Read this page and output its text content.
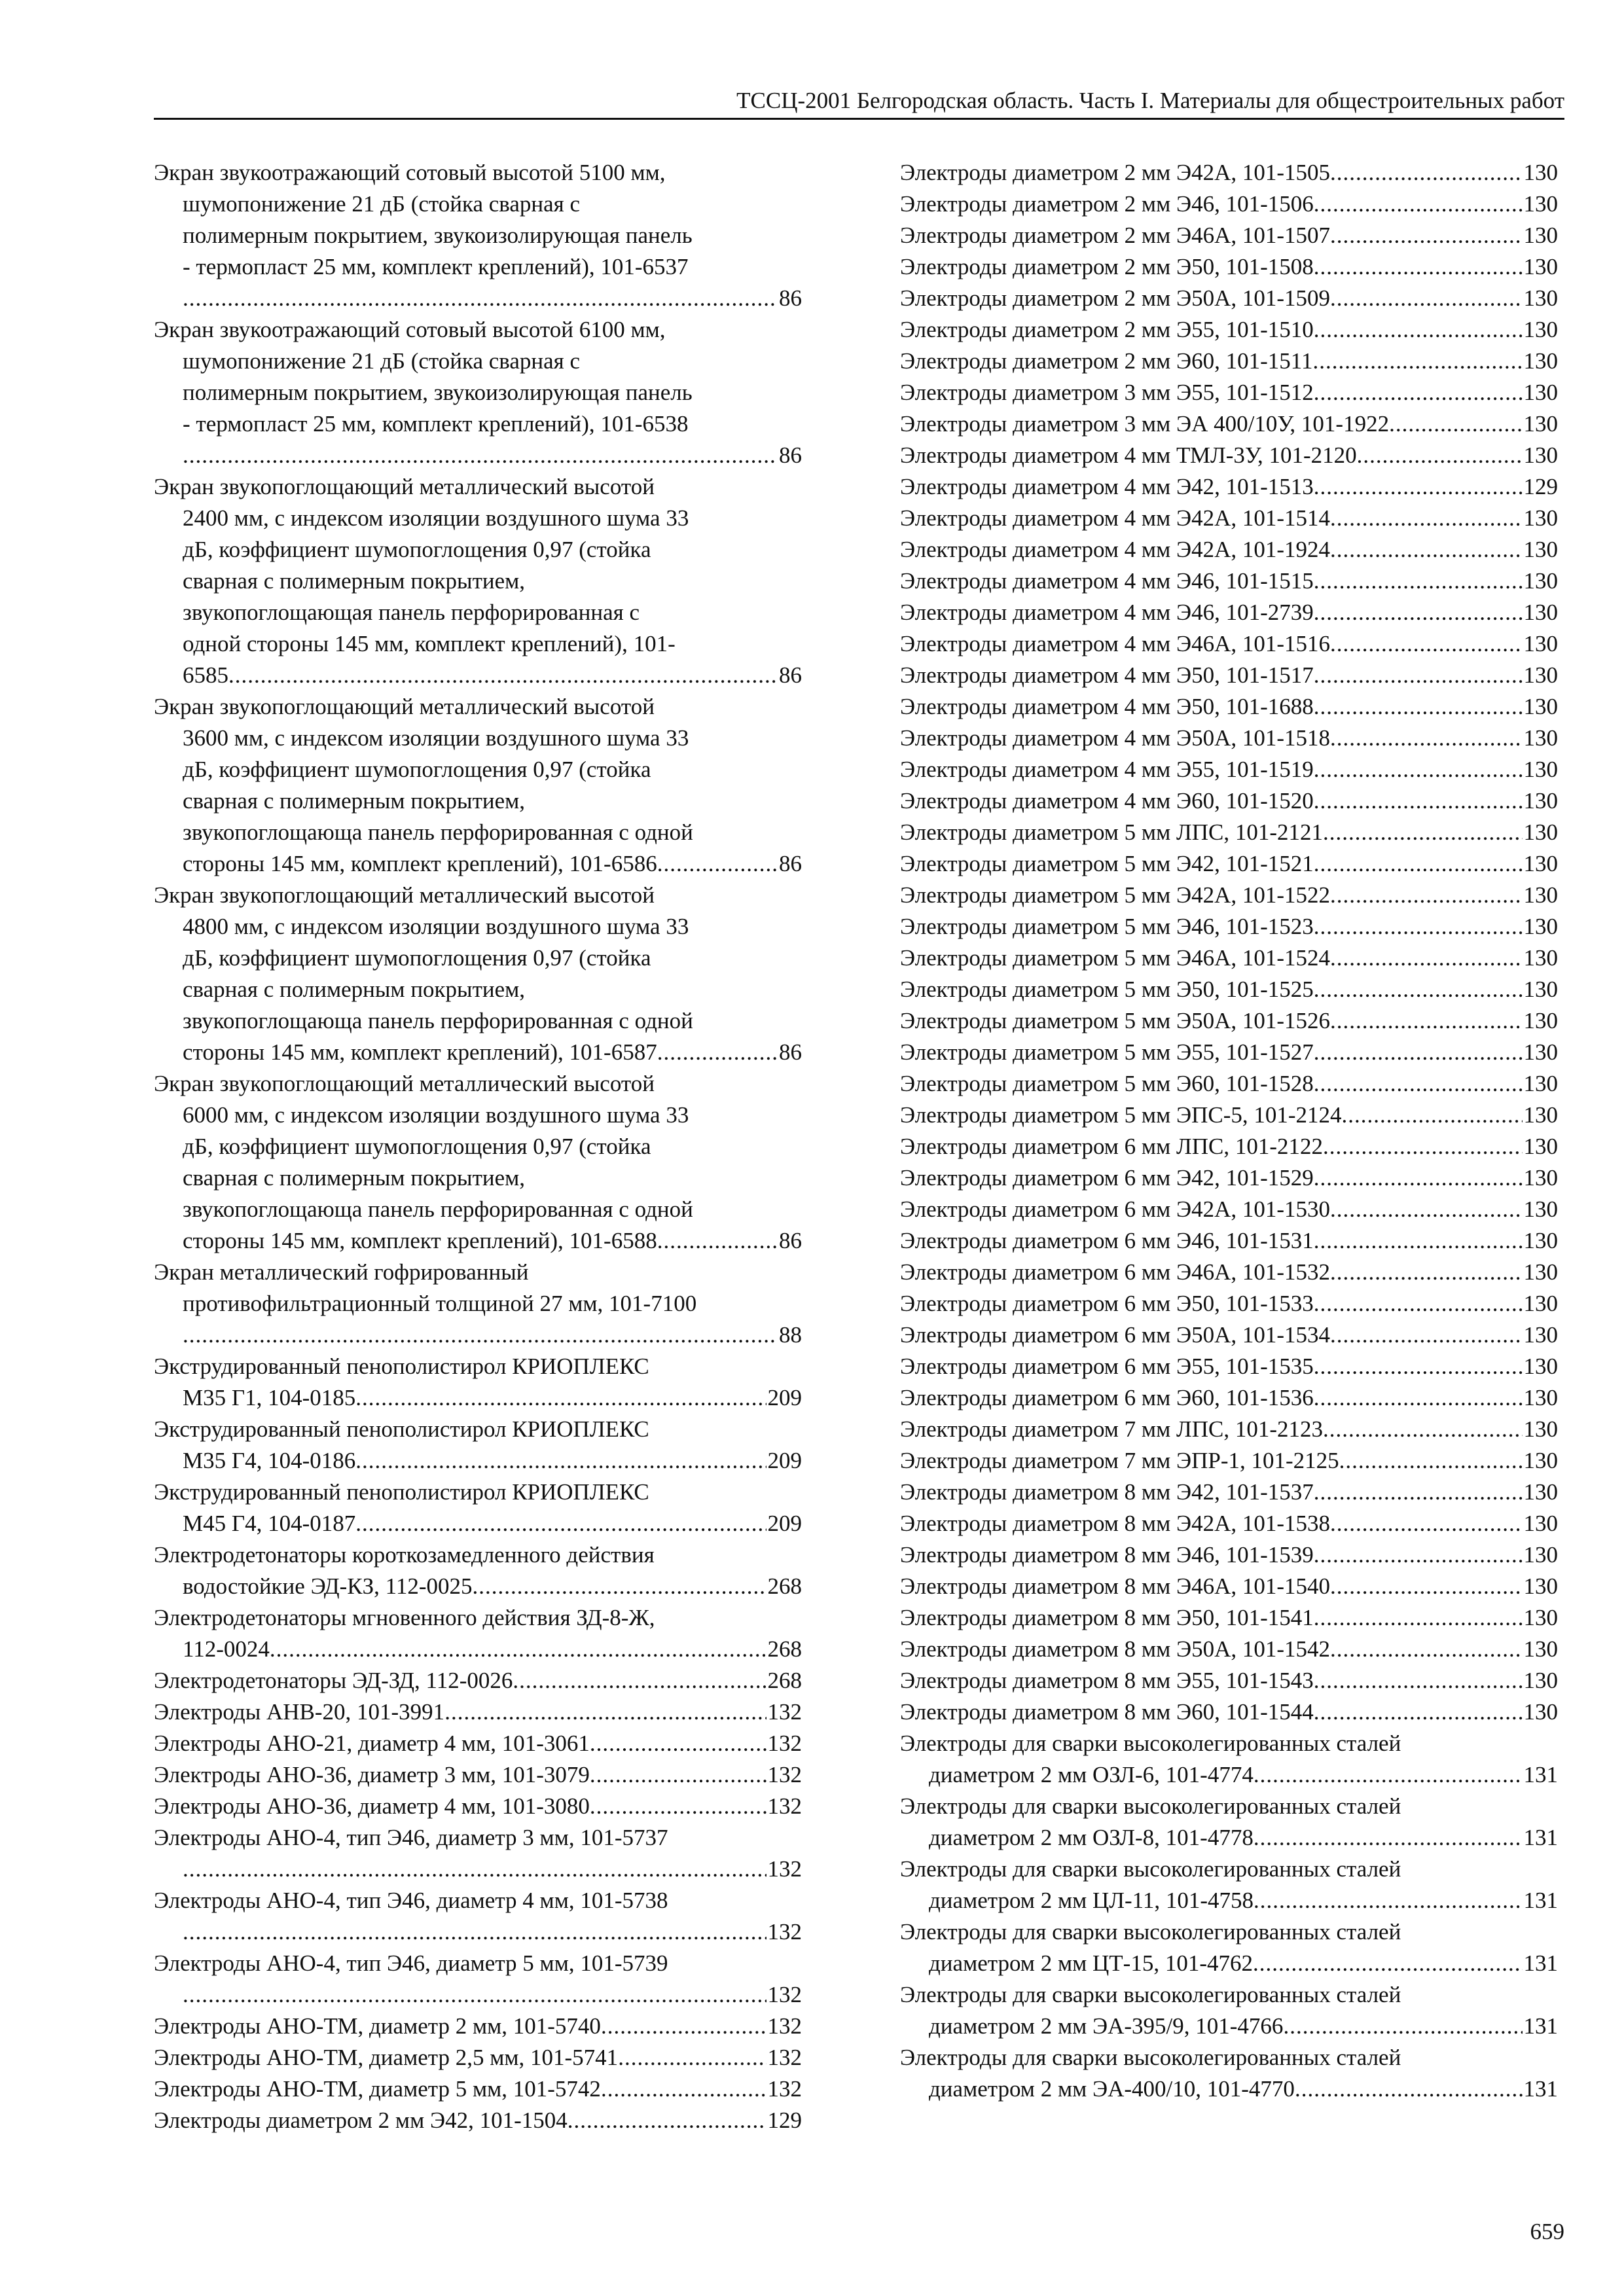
ТССЦ-2001 Белгородская область. Часть I. Материалы для общестроительных работ
Экран звукоотражающий сотовый высотой 5100 мм,
шумопонижение 21 дБ (стойка сварная с
полимерным покрытием, звукоизолирующая панель
- термопласт 25 мм, комплект креплений), 101-6537
.....
86
Экран звукоотражающий сотовый высотой 6100 мм,
шумопонижение 21 дБ (стойка сварная с
полимерным покрытием, звукоизолирующая панель
- термопласт 25 мм, комплект креплений), 101-6538
.....
86
Экран звукопоглощающий металлический высотой
2400 мм, с индексом изоляции воздушного шума 33
дБ, коэффициент шумопоглощения 0,97 (стойка
сварная с полимерным покрытием,
звукопоглощающая панель перфорированная с
одной стороны 145 мм, комплект креплений), 101-
6585 .....	86
Экран звукопоглощающий металлический высотой
3600 мм, с индексом изоляции воздушного шума 33
дБ, коэффициент шумопоглощения 0,97 (стойка
сварная с полимерным покрытием,
звукопоглощающа панель перфорированная с одной
стороны 145 мм, комплект креплений), 101-6586 .....	86
Экран звукопоглощающий металлический высотой
4800 мм, с индексом изоляции воздушного шума 33
дБ, коэффициент шумопоглощения 0,97 (стойка
сварная с полимерным покрытием,
звукопоглощающа панель перфорированная с одной
стороны 145 мм, комплект креплений), 101-6587 .....	86
Экран звукопоглощающий металлический высотой
6000 мм, с индексом изоляции воздушного шума 33
дБ, коэффициент шумопоглощения 0,97 (стойка
сварная с полимерным покрытием,
звукопоглощающа панель перфорированная с одной
стороны 145 мм, комплект креплений), 101-6588 .....	86
Экран металлический гофрированный
противофильтрационный толщиной 27 мм, 101-7100
.....
88
Экструдированный пенополистирол КРИОПЛЕКС
М35 Г1, 104-0185 .....	209
Экструдированный пенополистирол КРИОПЛЕКС
М35 Г4, 104-0186 .....	209
Экструдированный пенополистирол КРИОПЛЕКС
М45 Г4, 104-0187 .....	209
Электродетонаторы короткозамедленного действия
водостойкие ЭД-КЗ, 112-0025 .....	268
Электродетонаторы мгновенного действия ЗД-8-Ж,
112-0024 .....	268
Электродетонаторы ЭД-ЗД, 112-0026 .....	268
Электроды АНВ-20, 101-3991 .....	132
Электроды АНО-21, диаметр 4 мм, 101-3061 .....	132
Электроды АНО-36, диаметр 3 мм, 101-3079 .....	132
Электроды АНО-36, диаметр 4 мм, 101-3080 .....	132
Электроды АНО-4, тип Э46, диаметр 3 мм, 101-5737
.....
132
Электроды АНО-4, тип Э46, диаметр 4 мм, 101-5738
.....
132
Электроды АНО-4, тип Э46, диаметр 5 мм, 101-5739
.....
132
Электроды АНО-ТМ, диаметр 2 мм, 101-5740 .....	132
Электроды АНО-ТМ, диаметр 2,5 мм, 101-5741 .....	132
Электроды АНО-ТМ, диаметр 5 мм, 101-5742 .....	132
Электроды диаметром 2 мм Э42, 101-1504 .....	129
Электроды диаметром 2 мм Э42А, 101-1505 .....	130
Электроды диаметром 2 мм Э46, 101-1506 .....	130
Электроды диаметром 2 мм Э46А, 101-1507 .....	130
Электроды диаметром 2 мм Э50, 101-1508 .....	130
Электроды диаметром 2 мм Э50А, 101-1509 .....	130
Электроды диаметром 2 мм Э55, 101-1510 .....	130
Электроды диаметром 2 мм Э60, 101-1511 .....	130
Электроды диаметром 3 мм Э55, 101-1512 .....	130
Электроды диаметром 3 мм ЭА 400/10У, 101-1922 .....	130
Электроды диаметром 4 мм ТМЛ-3У, 101-2120 .....	130
Электроды диаметром 4 мм Э42, 101-1513 .....	129
Электроды диаметром 4 мм Э42А, 101-1514 .....	130
Электроды диаметром 4 мм Э42А, 101-1924 .....	130
Электроды диаметром 4 мм Э46, 101-1515 .....	130
Электроды диаметром 4 мм Э46, 101-2739 .....	130
Электроды диаметром 4 мм Э46А, 101-1516 .....	130
Электроды диаметром 4 мм Э50, 101-1517 .....	130
Электроды диаметром 4 мм Э50, 101-1688 .....	130
Электроды диаметром 4 мм Э50А, 101-1518 .....	130
Электроды диаметром 4 мм Э55, 101-1519 .....	130
Электроды диаметром 4 мм Э60, 101-1520 .....	130
Электроды диаметром 5 мм ЛПС, 101-2121 .....	130
Электроды диаметром 5 мм Э42, 101-1521 .....	130
Электроды диаметром 5 мм Э42А, 101-1522 .....	130
Электроды диаметром 5 мм Э46, 101-1523 .....	130
Электроды диаметром 5 мм Э46А, 101-1524 .....	130
Электроды диаметром 5 мм Э50, 101-1525 .....	130
Электроды диаметром 5 мм Э50А, 101-1526 .....	130
Электроды диаметром 5 мм Э55, 101-1527 .....	130
Электроды диаметром 5 мм Э60, 101-1528 .....	130
Электроды диаметром 5 мм ЭПС-5, 101-2124 .....	130
Электроды диаметром 6 мм ЛПС, 101-2122 .....	130
Электроды диаметром 6 мм Э42, 101-1529 .....	130
Электроды диаметром 6 мм Э42А, 101-1530 .....	130
Электроды диаметром 6 мм Э46, 101-1531 .....	130
Электроды диаметром 6 мм Э46А, 101-1532 .....	130
Электроды диаметром 6 мм Э50, 101-1533 .....	130
Электроды диаметром 6 мм Э50А, 101-1534 .....	130
Электроды диаметром 6 мм Э55, 101-1535 .....	130
Электроды диаметром 6 мм Э60, 101-1536 .....	130
Электроды диаметром 7 мм ЛПС, 101-2123 .....	130
Электроды диаметром 7 мм ЭПР-1, 101-2125 .....	130
Электроды диаметром 8 мм Э42, 101-1537 .....	130
Электроды диаметром 8 мм Э42А, 101-1538 .....	130
Электроды диаметром 8 мм Э46, 101-1539 .....	130
Электроды диаметром 8 мм Э46А, 101-1540 .....	130
Электроды диаметром 8 мм Э50, 101-1541 .....	130
Электроды диаметром 8 мм Э50А, 101-1542 .....	130
Электроды диаметром 8 мм Э55, 101-1543 .....	130
Электроды диаметром 8 мм Э60, 101-1544 .....	130
Электроды для сварки высоколегированных сталей
диаметром 2 мм ОЗЛ-6, 101-4774 .....	131
Электроды для сварки высоколегированных сталей
диаметром 2 мм ОЗЛ-8, 101-4778 .....	131
Электроды для сварки высоколегированных сталей
диаметром 2 мм ЦЛ-11, 101-4758 .....	131
Электроды для сварки высоколегированных сталей
диаметром 2 мм ЦТ-15, 101-4762 .....	131
Электроды для сварки высоколегированных сталей
диаметром 2 мм ЭА-395/9, 101-4766 .....	131
Электроды для сварки высоколегированных сталей
диаметром 2 мм ЭА-400/10, 101-4770 .....	131
659
